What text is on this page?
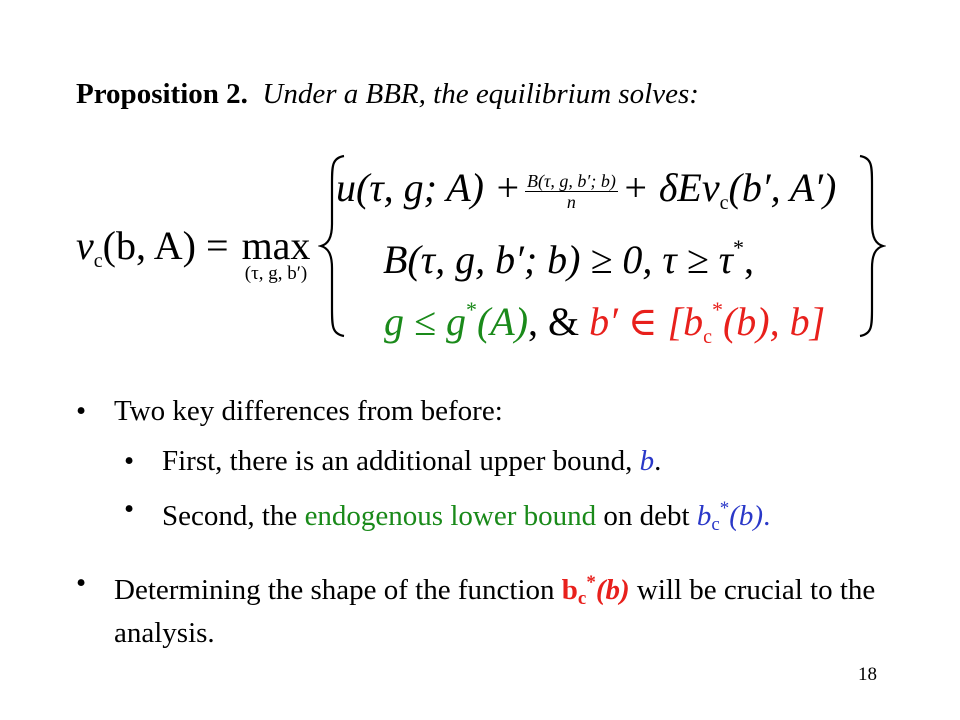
Proposition 2. Under a BBR, the equilibrium solves:
$v_c(b$, A) = max
(τ, g, b′)
u(τ, g; $A) + \frac{B(\tau, g, b'; b)}{n} + \delta Ev_c(b'$, A′)
B(τ, g, b′; b) ≥ 0, τ ≥ τ*,
g ≤ g*(A), & b′ ∈ [$b_c^*(b)$, b]
• Two key differences from before:
• First, there is an additional upper bound, b.
• Second, the endogenous lower bound on debt $b_c^*(b)$.
• Determining the shape of the function $b_c^*(b)$ will be crucial to the analysis.
18
